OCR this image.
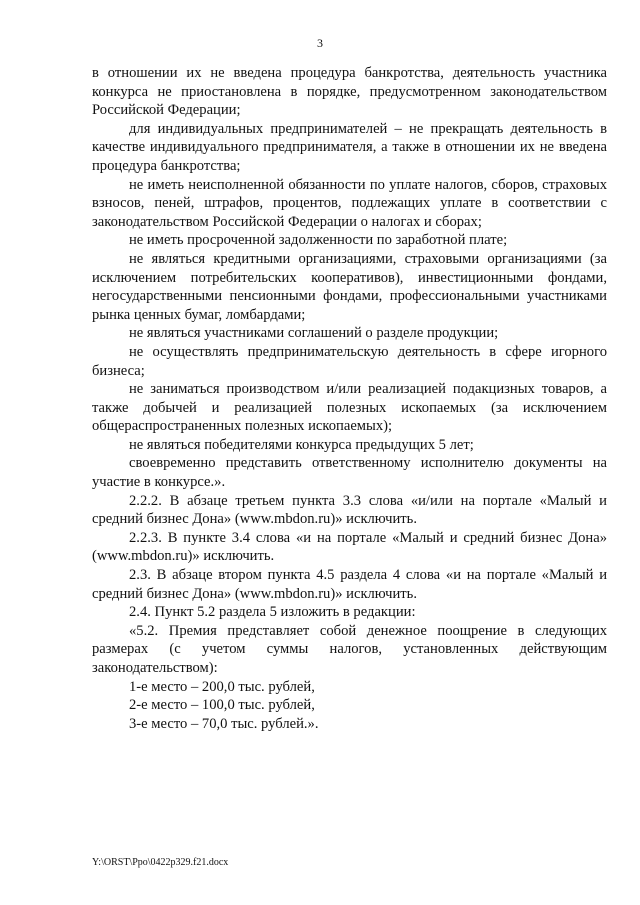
3

в отношении их не введена процедура банкротства, деятельность участника конкурса не приостановлена в порядке, предусмотренном законодательством Российской Федерации;

для индивидуальных предпринимателей – не прекращать деятельность в качестве индивидуального предпринимателя, а также в отношении их не введена процедура банкротства;

не иметь неисполненной обязанности по уплате налогов, сборов, страховых взносов, пеней, штрафов, процентов, подлежащих уплате в соответствии с законодательством Российской Федерации о налогах и сборах;

не иметь просроченной задолженности по заработной плате;

не являться кредитными организациями, страховыми организациями (за исключением потребительских кооперативов), инвестиционными фондами, негосударственными пенсионными фондами, профессиональными участниками рынка ценных бумаг, ломбардами;

не являться участниками соглашений о разделе продукции;

не осуществлять предпринимательскую деятельность в сфере игорного бизнеса;

не заниматься производством и/или реализацией подакцизных товаров, а также добычей и реализацией полезных ископаемых (за исключением общераспространенных полезных ископаемых);

не являться победителями конкурса предыдущих 5 лет;

своевременно представить ответственному исполнителю документы на участие в конкурсе.».

2.2.2. В абзаце третьем пункта 3.3 слова «и/или на портале «Малый и средний бизнес Дона» (www.mbdon.ru)» исключить.

2.2.3. В пункте 3.4 слова «и на портале «Малый и средний бизнес Дона» (www.mbdon.ru)» исключить.

2.3. В абзаце втором пункта 4.5 раздела 4 слова «и на портале «Малый и средний бизнес Дона» (www.mbdon.ru)» исключить.

2.4. Пункт 5.2 раздела 5 изложить в редакции:

«5.2. Премия представляет собой денежное поощрение в следующих размерах (с учетом суммы налогов, установленных действующим законодательством):

1-е место – 200,0 тыс. рублей,

2-е место – 100,0 тыс. рублей,

3-е место – 70,0 тыс. рублей.».

Y:\ORST\Ppo\0422p329.f21.docx
